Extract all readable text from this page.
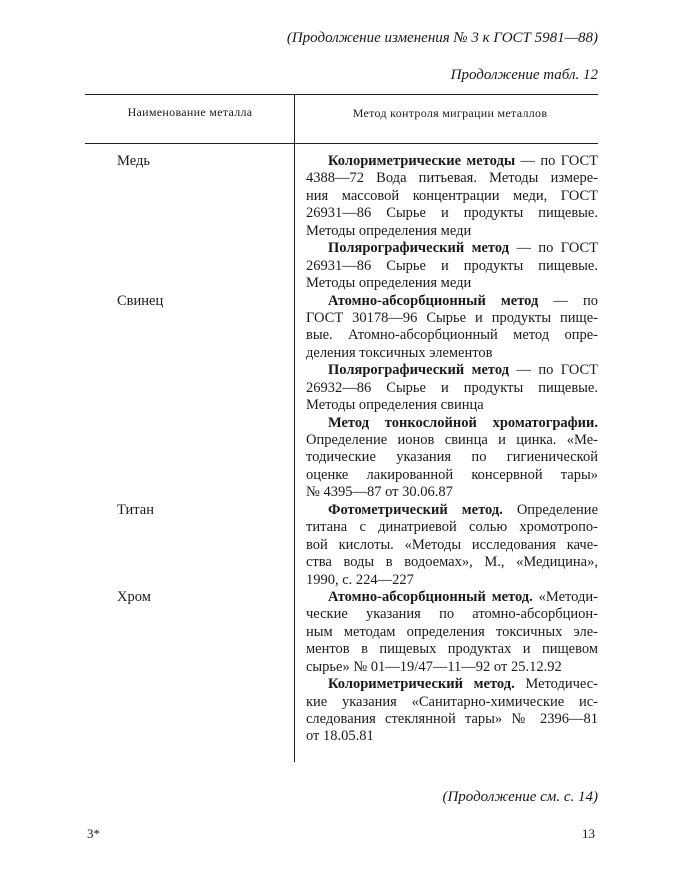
(Продолжение изменения № 3 к ГОСТ 5981—88)
Продолжение табл. 12
Наименование металла	Метод контроля миграции металлов
Медь
Свинец
Титан
Хром
Колориметрические методы — по ГОСТ
4388—72 Вода питьевая. Методы измере-
ния массовой концентрации меди, ГОСТ
26931—86 Сырье и продукты пищевые.
Методы определения меди
Полярографический метод — по ГОСТ
26931—86 Сырье и продукты пищевые.
Методы определения меди
Атомно-абсорбционный метод — по
ГОСТ 30178—96 Сырье и продукты пище-
вые. Атомно-абсорбционный метод опре-
деления токсичных элементов
Полярографический метод — по ГОСТ
26932—86 Сырье и продукты пищевые.
Методы определения свинца
Метод тонкослойной хроматографии.
Определение ионов свинца и цинка. «Ме-
тодические указания по гигиенической
оценке лакированной консервной тары»
№ 4395—87 от 30.06.87
Фотометрический метод. Определение
титана с динатриевой солью хромотропо-
вой кислоты. «Методы исследования каче-
ства воды в водоемах», М., «Медицина»,
1990, с. 224—227
Атомно-абсорбционный метод. «Методи-
ческие указания по атомно-абсорбцион-
ным методам определения токсичных эле-
ментов в пищевых продуктах и пищевом
сырье» № 01—19/47—11—92 от 25.12.92
Колориметрический метод. Методичес-
кие указания «Санитарно-химические ис-
следования стеклянной тары» № 2396—81
от 18.05.81
(Продолжение см. с. 14)
3*	13
